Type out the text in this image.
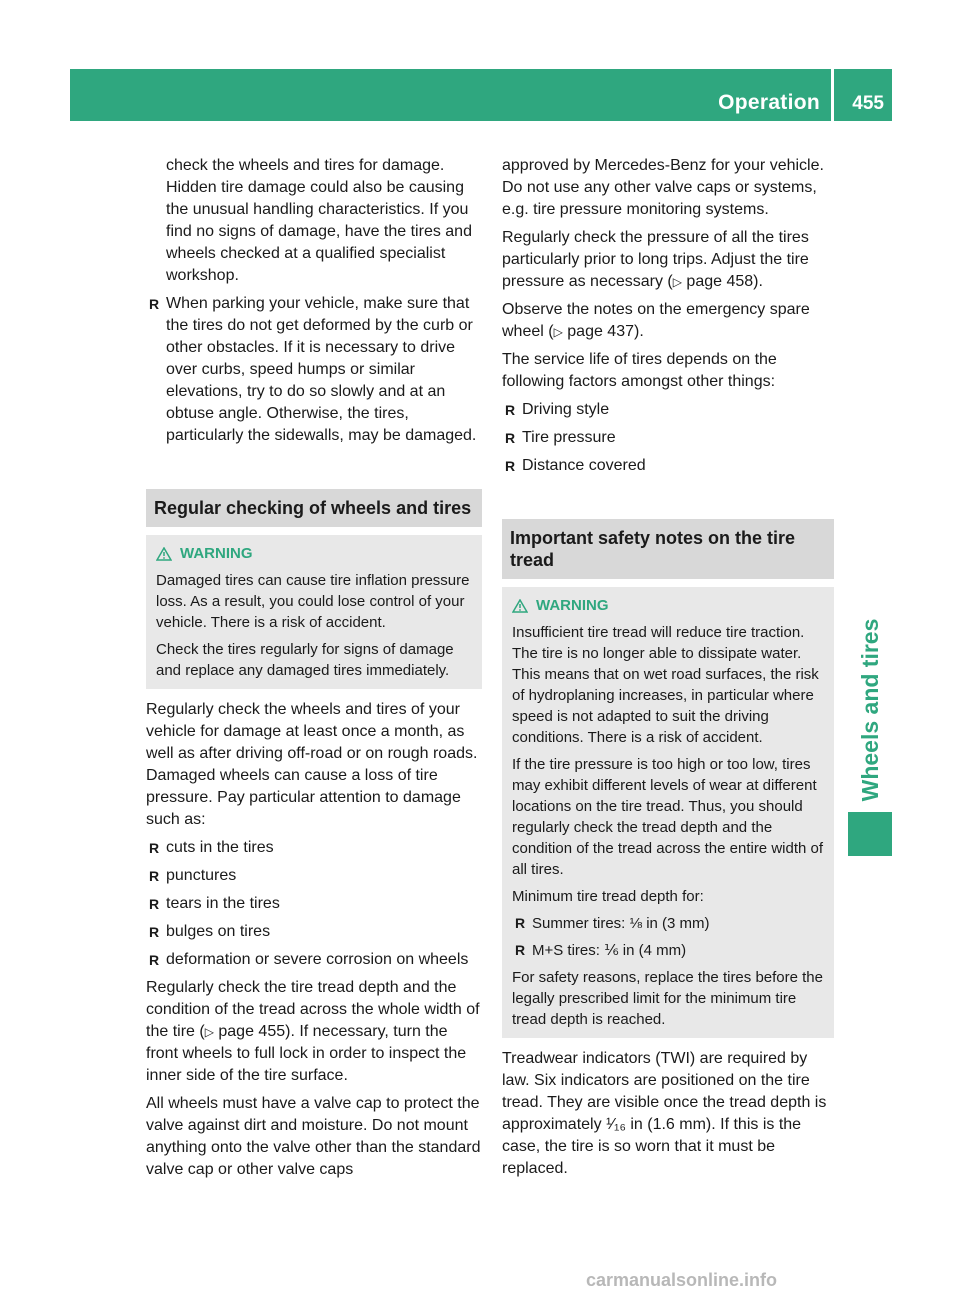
Operation 455
Wheels and tires

check the wheels and tires for damage. Hidden tire damage could also be causing the unusual handling characteristics. If you find no signs of damage, have the tires and wheels checked at a qualified specialist workshop.

R When parking your vehicle, make sure that the tires do not get deformed by the curb or other obstacles. If it is necessary to drive over curbs, speed humps or similar elevations, try to do so slowly and at an obtuse angle. Otherwise, the tires, particularly the sidewalls, may be damaged.
Regular checking of wheels and tires
WARNING

Damaged tires can cause tire inflation pressure loss. As a result, you could lose control of your vehicle. There is a risk of accident.

Check the tires regularly for signs of damage and replace any damaged tires immediately.

Regularly check the wheels and tires of your vehicle for damage at least once a month, as well as after driving off-road or on rough roads. Damaged wheels can cause a loss of tire pressure. Pay particular attention to damage such as:

R cuts in the tires
R punctures
R tears in the tires
R bulges on tires
R deformation or severe corrosion on wheels

Regularly check the tire tread depth and the condition of the tread across the whole width of the tire (▷ page 455). If necessary, turn the front wheels to full lock in order to inspect the inner side of the tire surface.

All wheels must have a valve cap to protect the valve against dirt and moisture. Do not mount anything onto the valve other than the standard valve cap or other valve caps

approved by Mercedes-Benz for your vehicle. Do not use any other valve caps or systems, e.g. tire pressure monitoring systems.

Regularly check the pressure of all the tires particularly prior to long trips. Adjust the tire pressure as necessary (▷ page 458).

Observe the notes on the emergency spare wheel (▷ page 437).

The service life of tires depends on the following factors amongst other things:

R Driving style
R Tire pressure
R Distance covered
Important safety notes on the tire tread
WARNING

Insufficient tire tread will reduce tire traction. The tire is no longer able to dissipate water. This means that on wet road surfaces, the risk of hydroplaning increases, in particular where speed is not adapted to suit the driving conditions. There is a risk of accident.

If the tire pressure is too high or too low, tires may exhibit different levels of wear at different locations on the tire tread. Thus, you should regularly check the tread depth and the condition of the tread across the entire width of all tires.

Minimum tire tread depth for:

R Summer tires: ⅛ in (3 mm)
R M+S tires: ⅙ in (4 mm)

For safety reasons, replace the tires before the legally prescribed limit for the minimum tire tread depth is reached.

Treadwear indicators (TWI) are required by law. Six indicators are positioned on the tire tread. They are visible once the tread depth is approximately ¹⁄₁₆ in (1.6 mm). If this is the case, the tire is so worn that it must be replaced.

carmanualsonline.info
